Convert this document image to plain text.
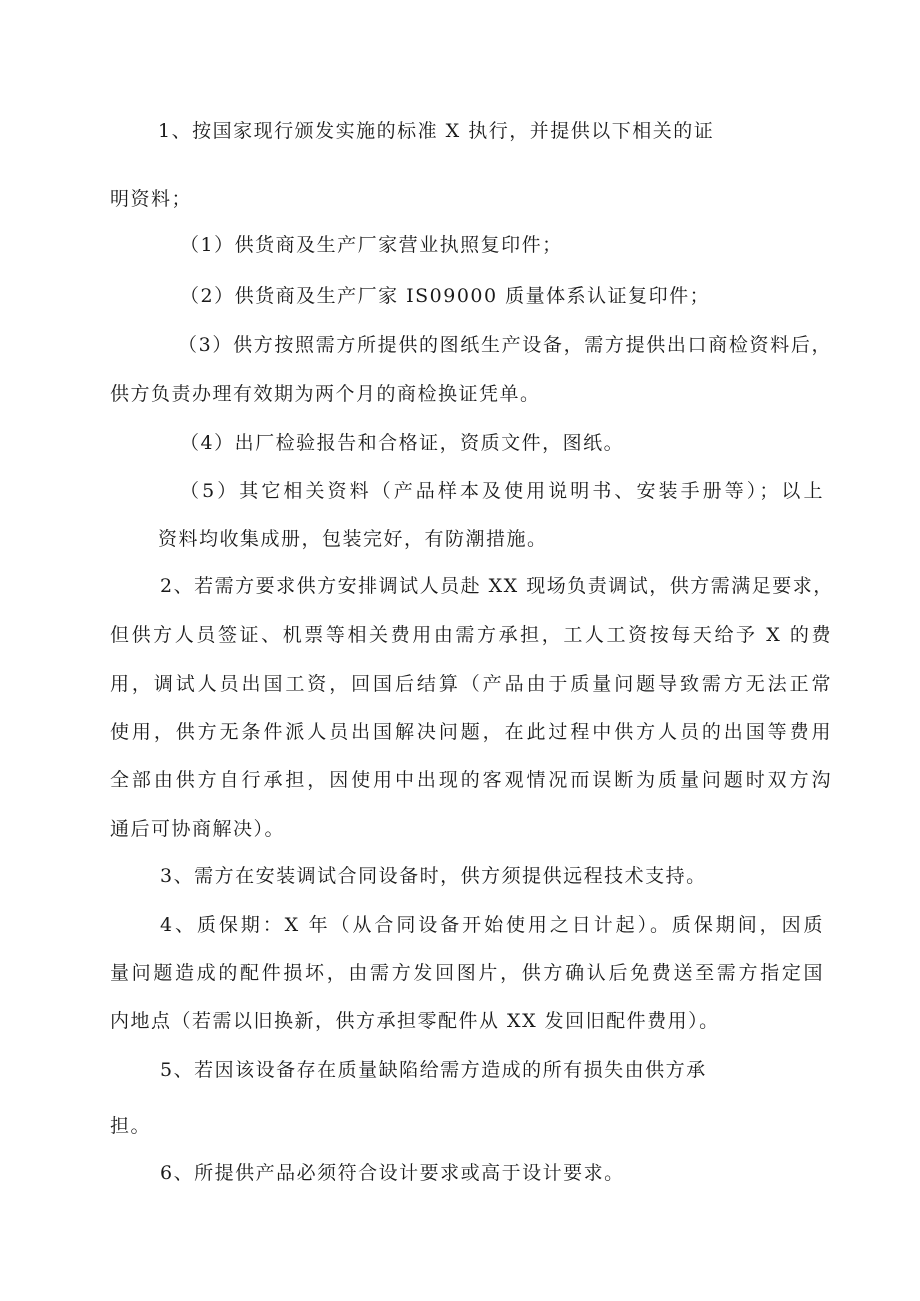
1、按国家现行颁发实施的标准 X 执行，并提供以下相关的证
明资料；
（1）供货商及生产厂家营业执照复印件；
（2）供货商及生产厂家 IS09000 质量体系认证复印件；
（3）供方按照需方所提供的图纸生产设备，需方提供出口商检资料后，
供方负责办理有效期为两个月的商检换证凭单。
（4）出厂检验报告和合格证，资质文件，图纸。
（5）其它相关资料（产品样本及使用说明书、安装手册等）；以上
资料均收集成册，包装完好，有防潮措施。
2、若需方要求供方安排调试人员赴 XX 现场负责调试，供方需满足要求，
但供方人员签证、机票等相关费用由需方承担，工人工资按每天给予 X 的费
用，调试人员出国工资，回国后结算（产品由于质量问题导致需方无法正常
使用，供方无条件派人员出国解决问题，在此过程中供方人员的出国等费用
全部由供方自行承担，因使用中出现的客观情况而误断为质量问题时双方沟
通后可协商解决）。
3、需方在安装调试合同设备时，供方须提供远程技术支持。
4、质保期：X 年（从合同设备开始使用之日计起）。质保期间，因质
量问题造成的配件损坏，由需方发回图片，供方确认后免费送至需方指定国
内地点（若需以旧换新，供方承担零配件从 XX 发回旧配件费用）。
5、若因该设备存在质量缺陷给需方造成的所有损失由供方承
担。
6、所提供产品必须符合设计要求或高于设计要求。
